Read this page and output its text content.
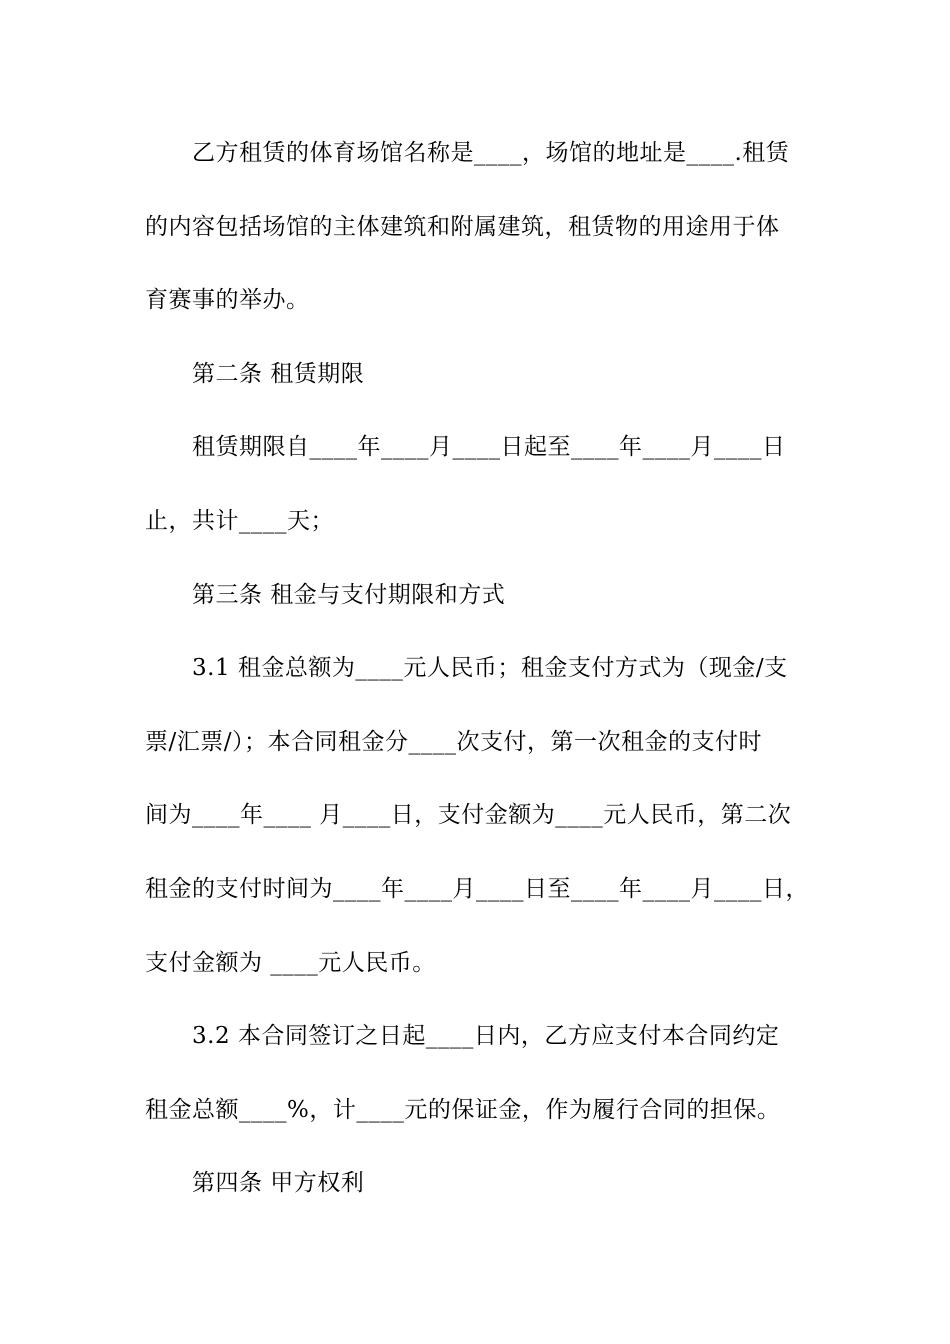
乙方租赁的体育场馆名称是____，场馆的地址是____.租赁
的内容包括场馆的主体建筑和附属建筑，租赁物的用途用于体
育赛事的举办。
第二条 租赁期限
租赁期限自____年____月____日起至____年____月____日
止，共计____天；
第三条 租金与支付期限和方式
3.1 租金总额为____元人民币；租金支付方式为（现金/支
票/汇票/）；本合同租金分____次支付，第一次租金的支付时
间为____年____ 月____日，支付金额为____元人民币，第二次
租金的支付时间为____年____月____日至____年____月____日，
支付金额为 ____元人民币。
3.2 本合同签订之日起____日内，乙方应支付本合同约定
租金总额____%，计____元的保证金，作为履行合同的担保。
第四条 甲方权利
